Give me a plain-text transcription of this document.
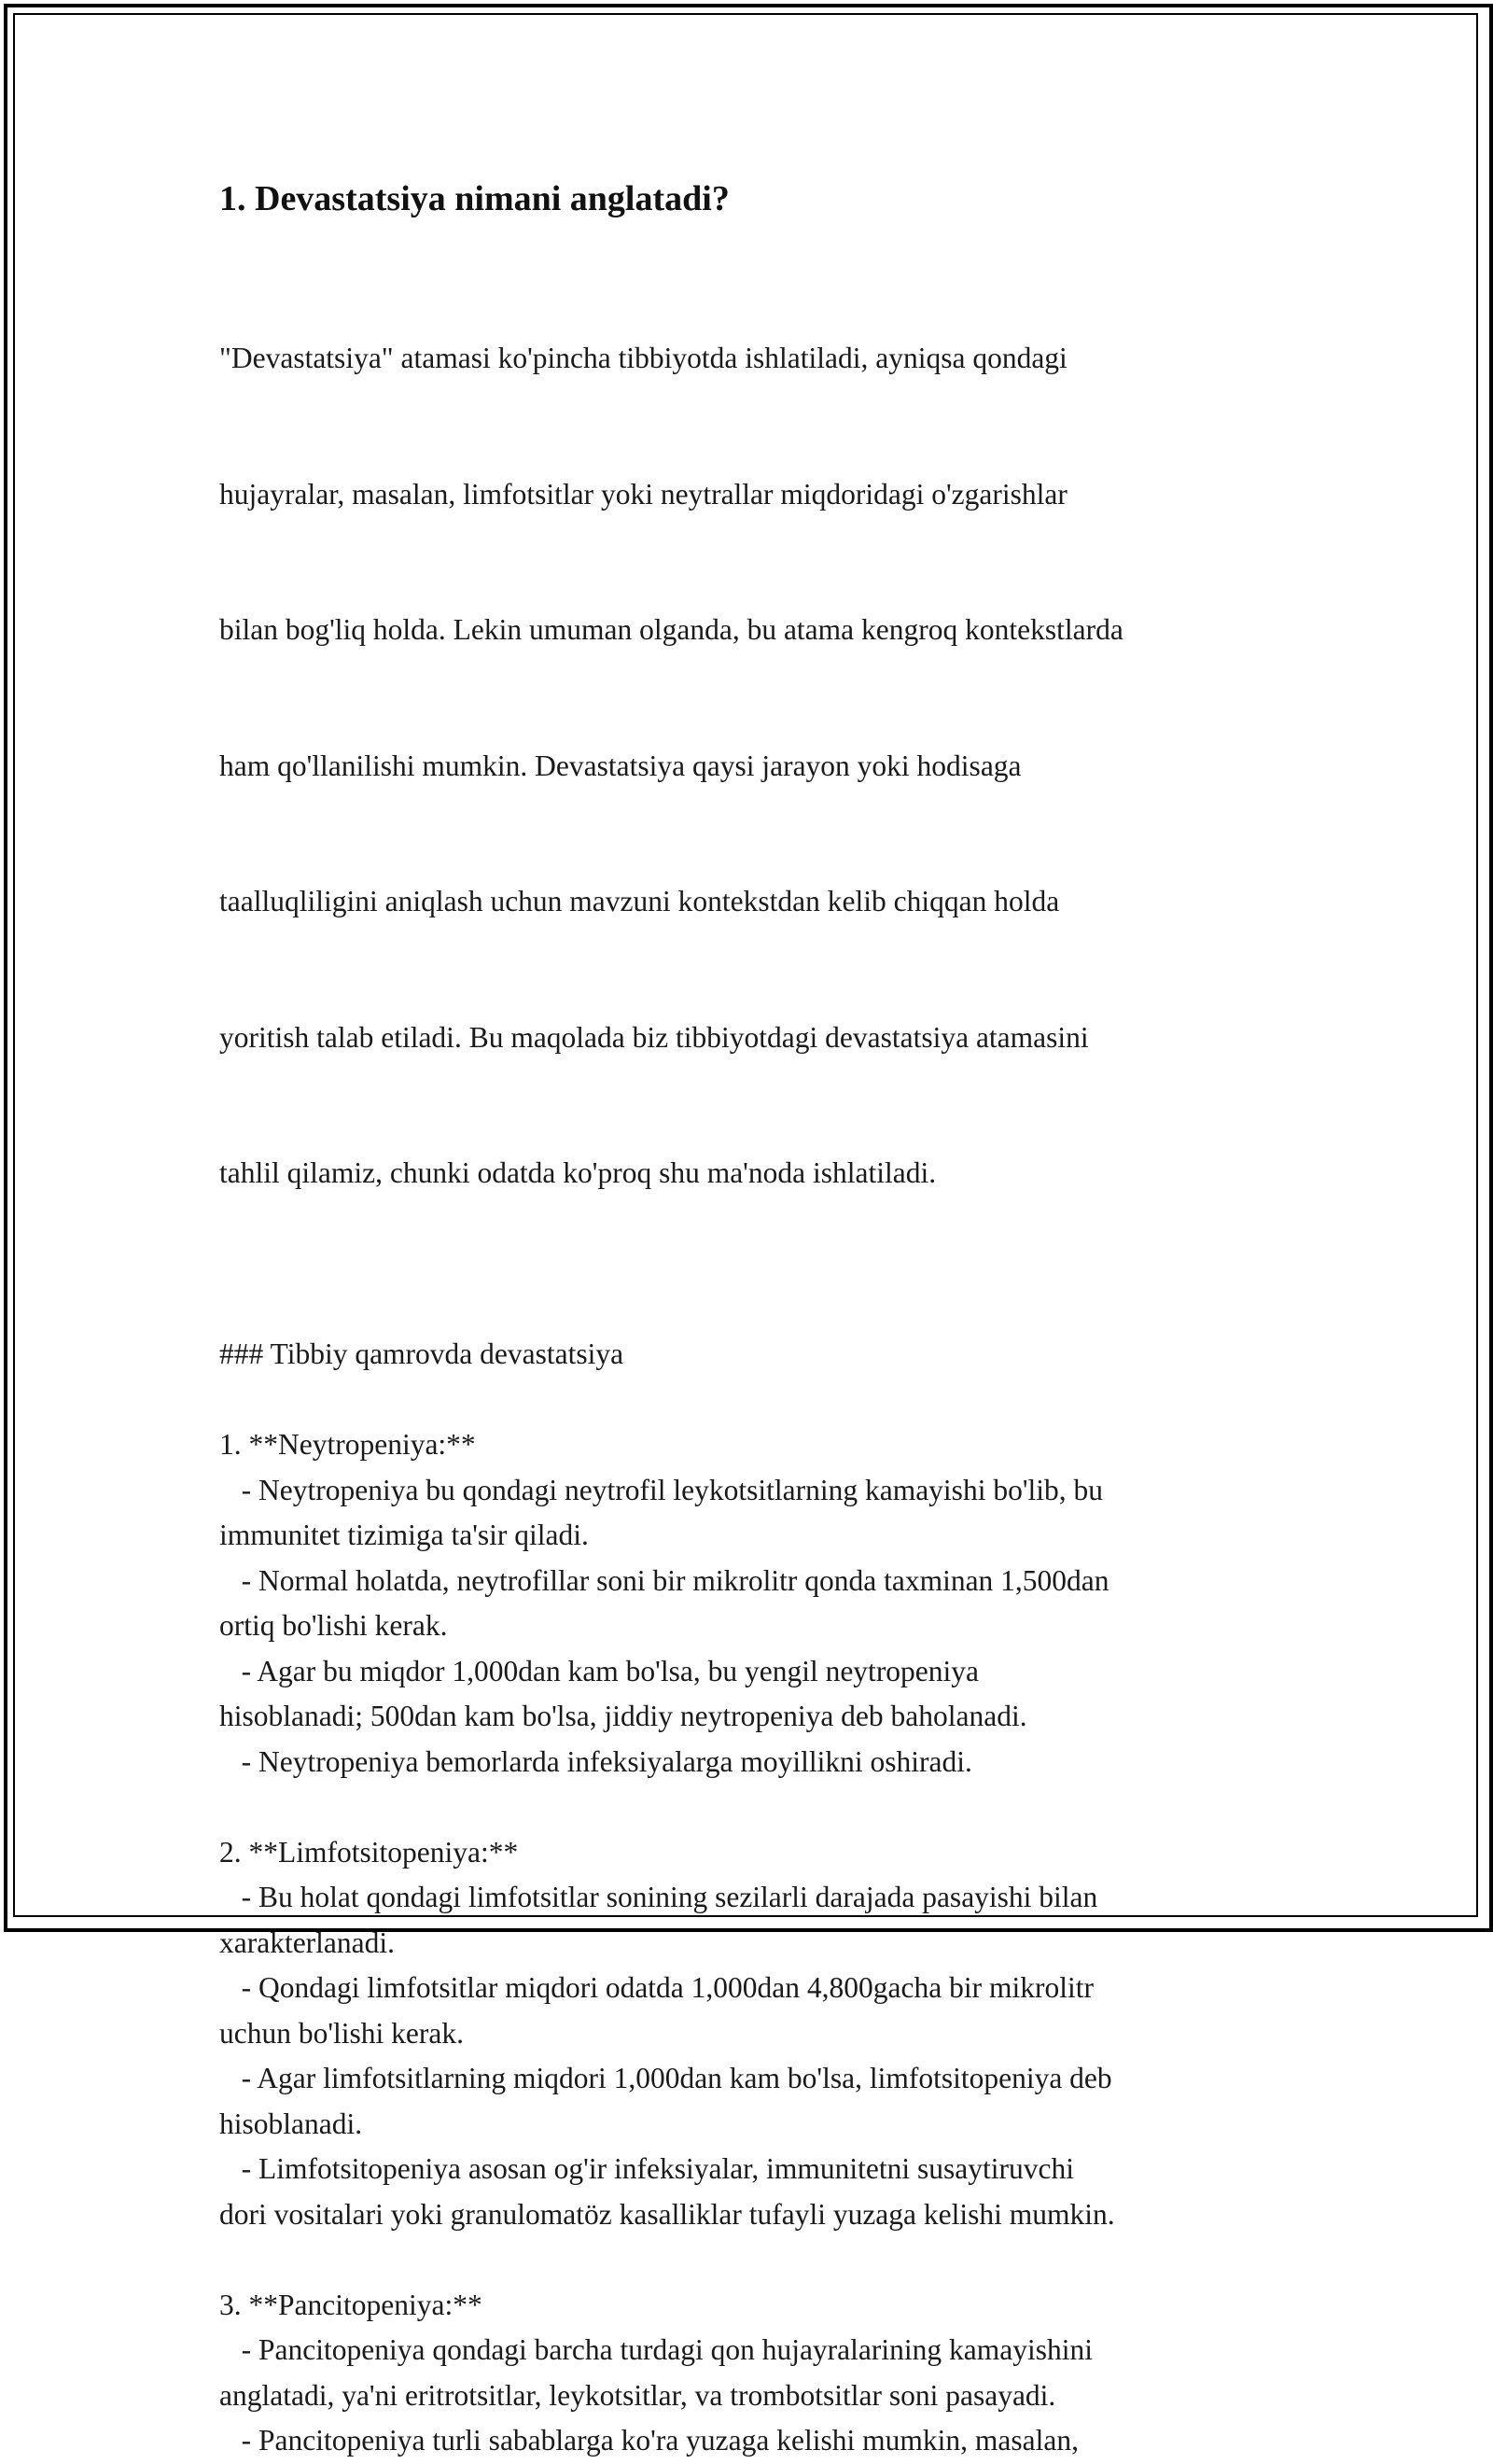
1. Devastatsiya nimani anglatadi?

"Devastatsiya" atamasi ko'pincha tibbiyotda ishlatiladi, ayniqsa qondagi

hujayralar, masalan, limfotsitlar yoki neytrallar miqdoridagi o'zgarishlar

bilan bog'liq holda. Lekin umuman olganda, bu atama kengroq kontekstlarda

ham qo'llanilishi mumkin. Devastatsiya qaysi jarayon yoki hodisaga

taalluqliligini aniqlash uchun mavzuni kontekstdan kelib chiqqan holda

yoritish talab etiladi. Bu maqolada biz tibbiyotdagi devastatsiya atamasini

tahlil qilamiz, chunki odatda ko'proq shu ma'noda ishlatiladi.

### Tibbiy qamrovda devastatsiya
1. **Neytropeniya:**
- Neytropeniya bu qondagi neytrofil leykotsitlarning kamayishi bo'lib, bu
immunitet tizimiga ta'sir qiladi.
- Normal holatda, neytrofillar soni bir mikrolitr qonda taxminan 1,500dan
ortiq bo'lishi kerak.
- Agar bu miqdor 1,000dan kam bo'lsa, bu yengil neytropeniya
hisoblanadi; 500dan kam bo'lsa, jiddiy neytropeniya deb baholanadi.
- Neytropeniya bemorlarda infeksiyalarga moyillikni oshiradi.
2. **Limfotsitopeniya:**
- Bu holat qondagi limfotsitlar sonining sezilarli darajada pasayishi bilan
xarakterlanadi.
- Qondagi limfotsitlar miqdori odatda 1,000dan 4,800gacha bir mikrolitr
uchun bo'lishi kerak.
- Agar limfotsitlarning miqdori 1,000dan kam bo'lsa, limfotsitopeniya deb
hisoblanadi.
- Limfotsitopeniya asosan og'ir infeksiyalar, immunitetni susaytiruvchi
dori vositalari yoki granulomatöz kasalliklar tufayli yuzaga kelishi mumkin.
3. **Pancitopeniya:**
- Pancitopeniya qondagi barcha turdagi qon hujayralarining kamayishini
anglatadi, ya'ni eritrotsitlar, leykotsitlar, va trombotsitlar soni pasayadi.
- Pancitopeniya turli sabablarga ko'ra yuzaga kelishi mumkin, masalan,
